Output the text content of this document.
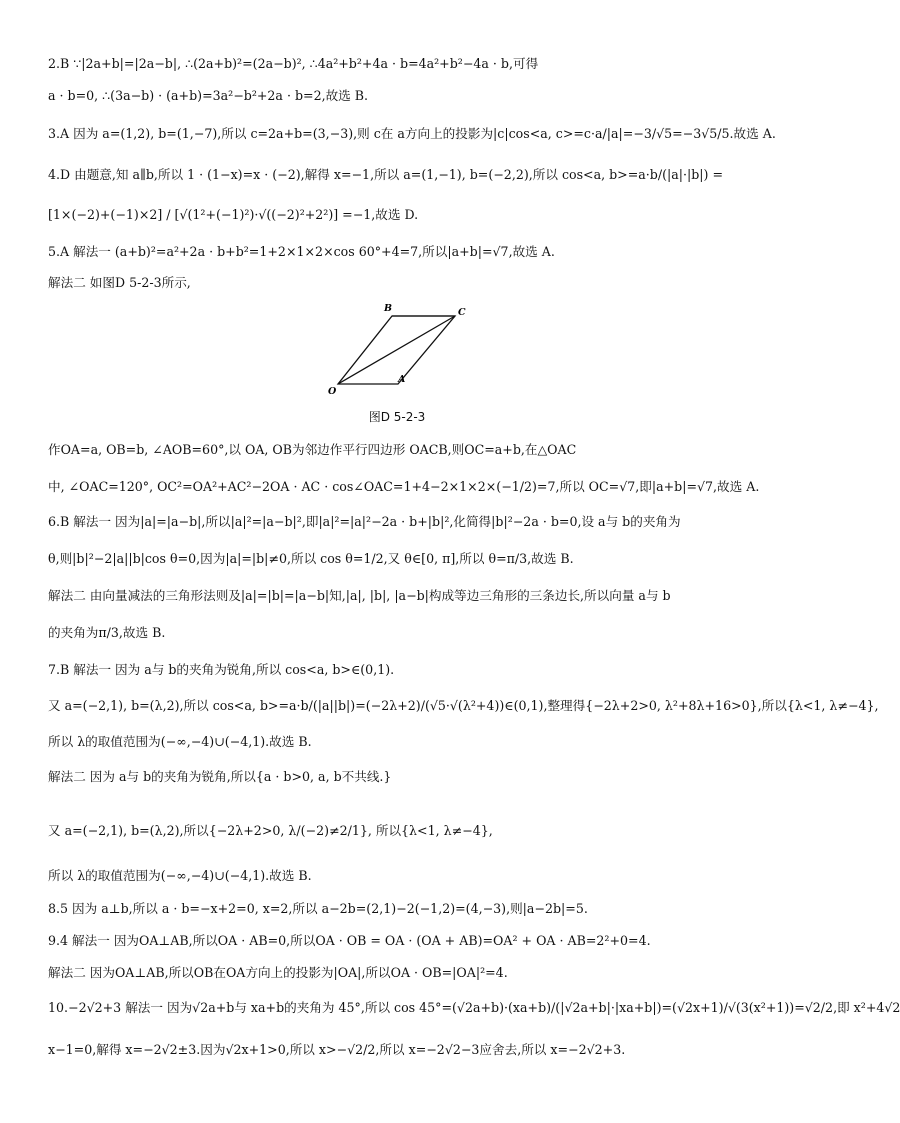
2.B ∵|2a+b|=|2a−b|, ∴(2a+b)²=(2a−b)², ∴4a²+b²+4a · b=4a²+b²−4a · b,可得
a · b=0, ∴(3a−b) · (a+b)=3a²−b²+2a · b=2,故选 B.
3.A 因为 a=(1,2), b=(1,−7),所以 c=2a+b=(3,−3),则 c在 a方向上的投影为|c|cos<a, c>=c·a/|a|=−3/√5=−3√5/5.故选 A.
4.D 由题意,知 a∥b,所以 1 · (1−x)=x · (−2),解得 x=−1,所以 a=(1,−1), b=(−2,2),所以 cos<a, b>=a·b/(|a|·|b|) =
[1×(−2)+(−1)×2] / [√(1²+(−1)²)·√((−2)²+2²)] =−1,故选 D.
5.A 解法一 (a+b)²=a²+2a · b+b²=1+2×1×2×cos 60°+4=7,所以|a+b|=√7,故选 A.
解法二 如图D 5-2-3所示,
O
A
B	C
图D 5-2-3
作OA=a, OB=b, ∠AOB=60°,以 OA, OB为邻边作平行四边形 OACB,则OC=a+b,在△OAC
中, ∠OAC=120°, OC²=OA²+AC²−2OA · AC · cos∠OAC=1+4−2×1×2×(−1/2)=7,所以 OC=√7,即|a+b|=√7,故选 A.
6.B 解法一 因为|a|=|a−b|,所以|a|²=|a−b|²,即|a|²=|a|²−2a · b+|b|²,化简得|b|²−2a · b=0,设 a与 b的夹角为
θ,则|b|²−2|a||b|cos θ=0,因为|a|=|b|≠0,所以 cos θ=1/2,又 θ∈[0, π],所以 θ=π/3,故选 B.
解法二 由向量减法的三角形法则及|a|=|b|=|a−b|知,|a|, |b|, |a−b|构成等边三角形的三条边长,所以向量 a与 b
的夹角为π/3,故选 B.
7.B 解法一 因为 a与 b的夹角为锐角,所以 cos<a, b>∈(0,1).
又 a=(−2,1), b=(λ,2),所以 cos<a, b>=a·b/(|a||b|)=(−2λ+2)/(√5·√(λ²+4))∈(0,1),整理得{−2λ+2>0, λ²+8λ+16>0},所以{λ<1, λ≠−4},
所以 λ的取值范围为(−∞,−4)∪(−4,1).故选 B.
解法二 因为 a与 b的夹角为锐角,所以{a · b>0, a, b不共线.}
又 a=(−2,1), b=(λ,2),所以{−2λ+2>0, λ/(−2)≠2/1}, 所以{λ<1, λ≠−4},
所以 λ的取值范围为(−∞,−4)∪(−4,1).故选 B.
8.5 因为 a⊥b,所以 a · b=−x+2=0, x=2,所以 a−2b=(2,1)−2(−1,2)=(4,−3),则|a−2b|=5.
9.4 解法一 因为OA⊥AB,所以OA · AB=0,所以OA · OB = OA · (OA + AB)=OA² + OA · AB=2²+0=4.
解法二 因为OA⊥AB,所以OB在OA方向上的投影为|OA|,所以OA · OB=|OA|²=4.
10.−2√2+3 解法一 因为√2a+b与 xa+b的夹角为 45°,所以 cos 45°=(√2a+b)·(xa+b)/(|√2a+b|·|xa+b|)=(√2x+1)/√(3(x²+1))=√2/2,即 x²+4√2
x−1=0,解得 x=−2√2±3.因为√2x+1>0,所以 x>−√2/2,所以 x=−2√2−3应舍去,所以 x=−2√2+3.
